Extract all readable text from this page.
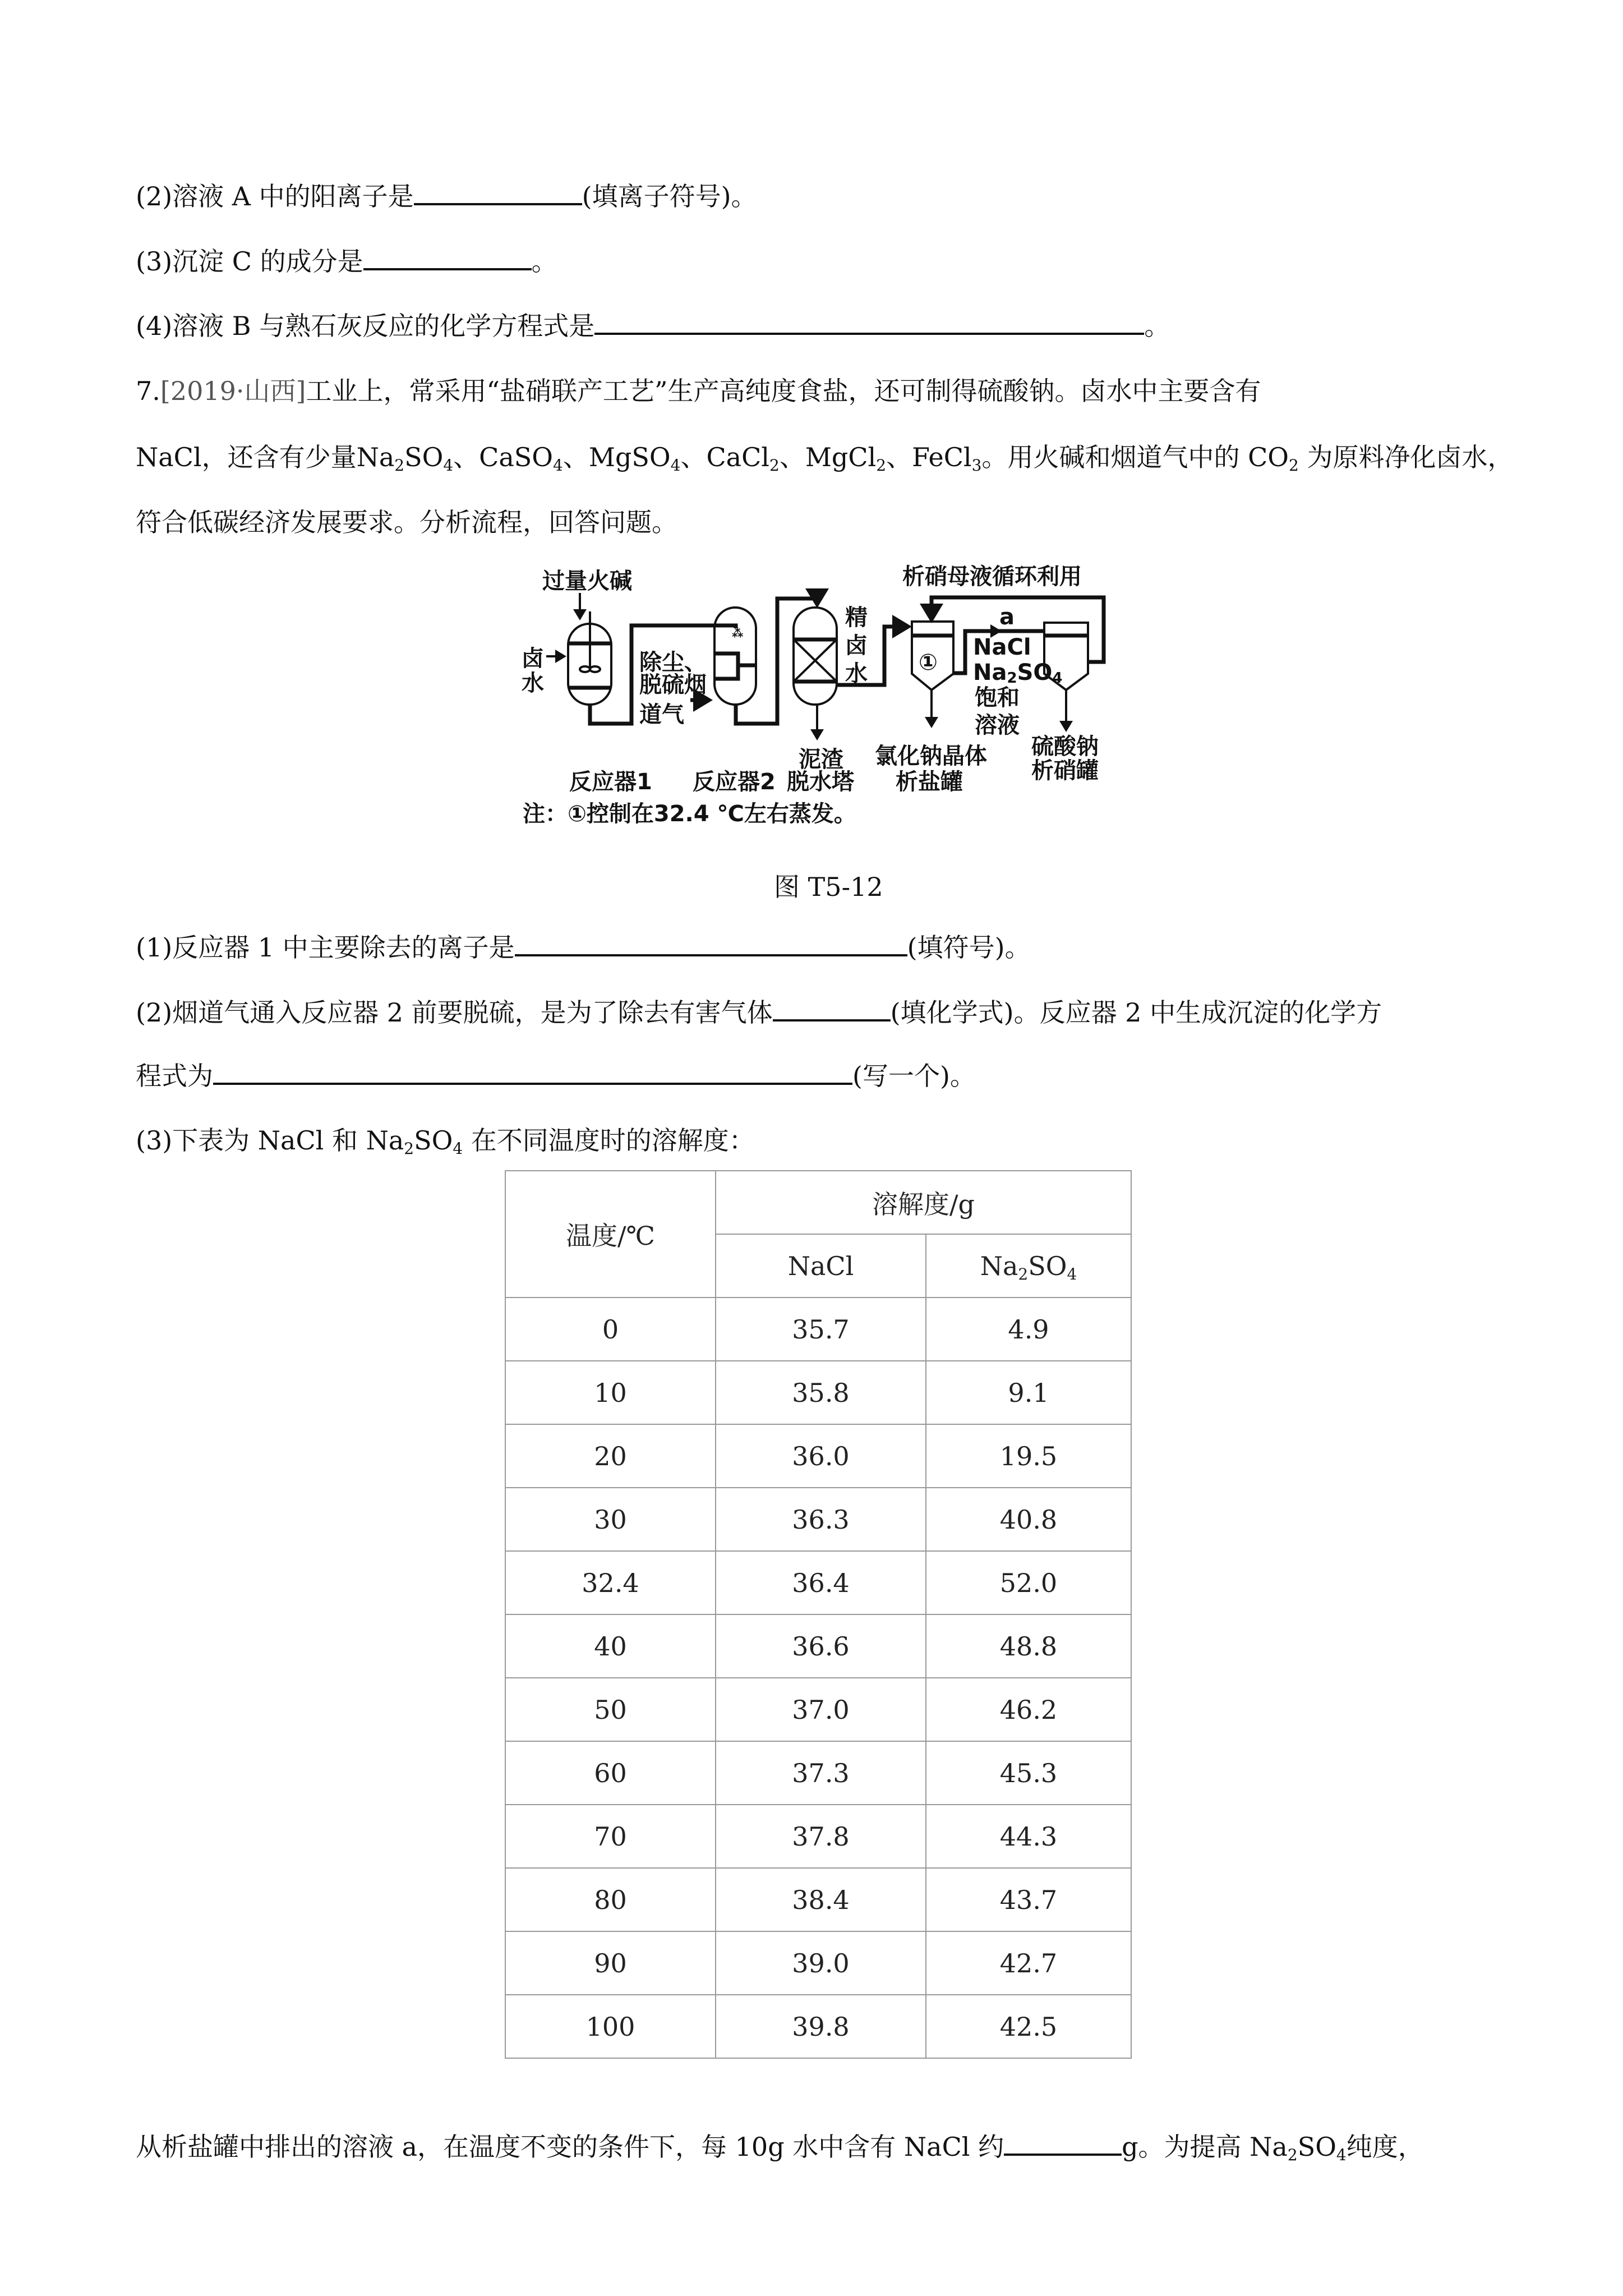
(2)溶液 A 中的阳离子是	(填离子符号)。
(3)沉淀 C 的成分是	。
(4)溶液 B 与熟石灰反应的化学方程式是	。
7.[2019·山西]工业上，常采用“盐硝联产工艺”生产高纯度食盐，还可制得硫酸钠。卤水中主要含有
NaCl，还含有少量$Na_2SO_4$、CaSO$_4$、MgSO$_4$、CaCl$_2$、MgCl$_2$、FeCl$_3$。用火碱和烟道气中的 $CO_2$ 为原料净化卤水，
符合低碳经济发展要求。分析流程，回答问题。
过量火碱
卤
水
除尘、
脱硫烟
道气
⁂
泥渣
精
卤
水 ①
a
NaCl
$Na_2SO_4$
饱和
溶液
析硝母液循环利用
氯化钠晶体
析盐罐
硫酸钠
析硝罐
反应器1 反应器2 脱水塔
注：①控制在32.4 ℃左右蒸发。
图 T5-12
(1)反应器 1 中主要除去的离子是	(填符号)。
(2)烟道气通入反应器 2 前要脱硫，是为了除去有害气体	(填化学式)。反应器 2 中生成沉淀的化学方
程式为	(写一个)。
(3)下表为 NaCl 和 $Na_2SO_4$ 在不同温度时的溶解度：
温度/℃	溶解度/g	
	NaCl	$Na_2SO_4$
0	35.7	4.9
10	35.8	9.1
20	36.0	19.5
30	36.3	40.8
32.4	36.4	52.0
40	36.6	48.8
50	37.0	46.2
60	37.3	45.3
70	37.8	44.3
80	38.4	43.7
90	39.0	42.7
100	39.8	42.5
从析盐罐中排出的溶液 a，在温度不变的条件下，每 10g 水中含有 NaCl 约	g。为提高 $Na_2SO_4$纯度，
